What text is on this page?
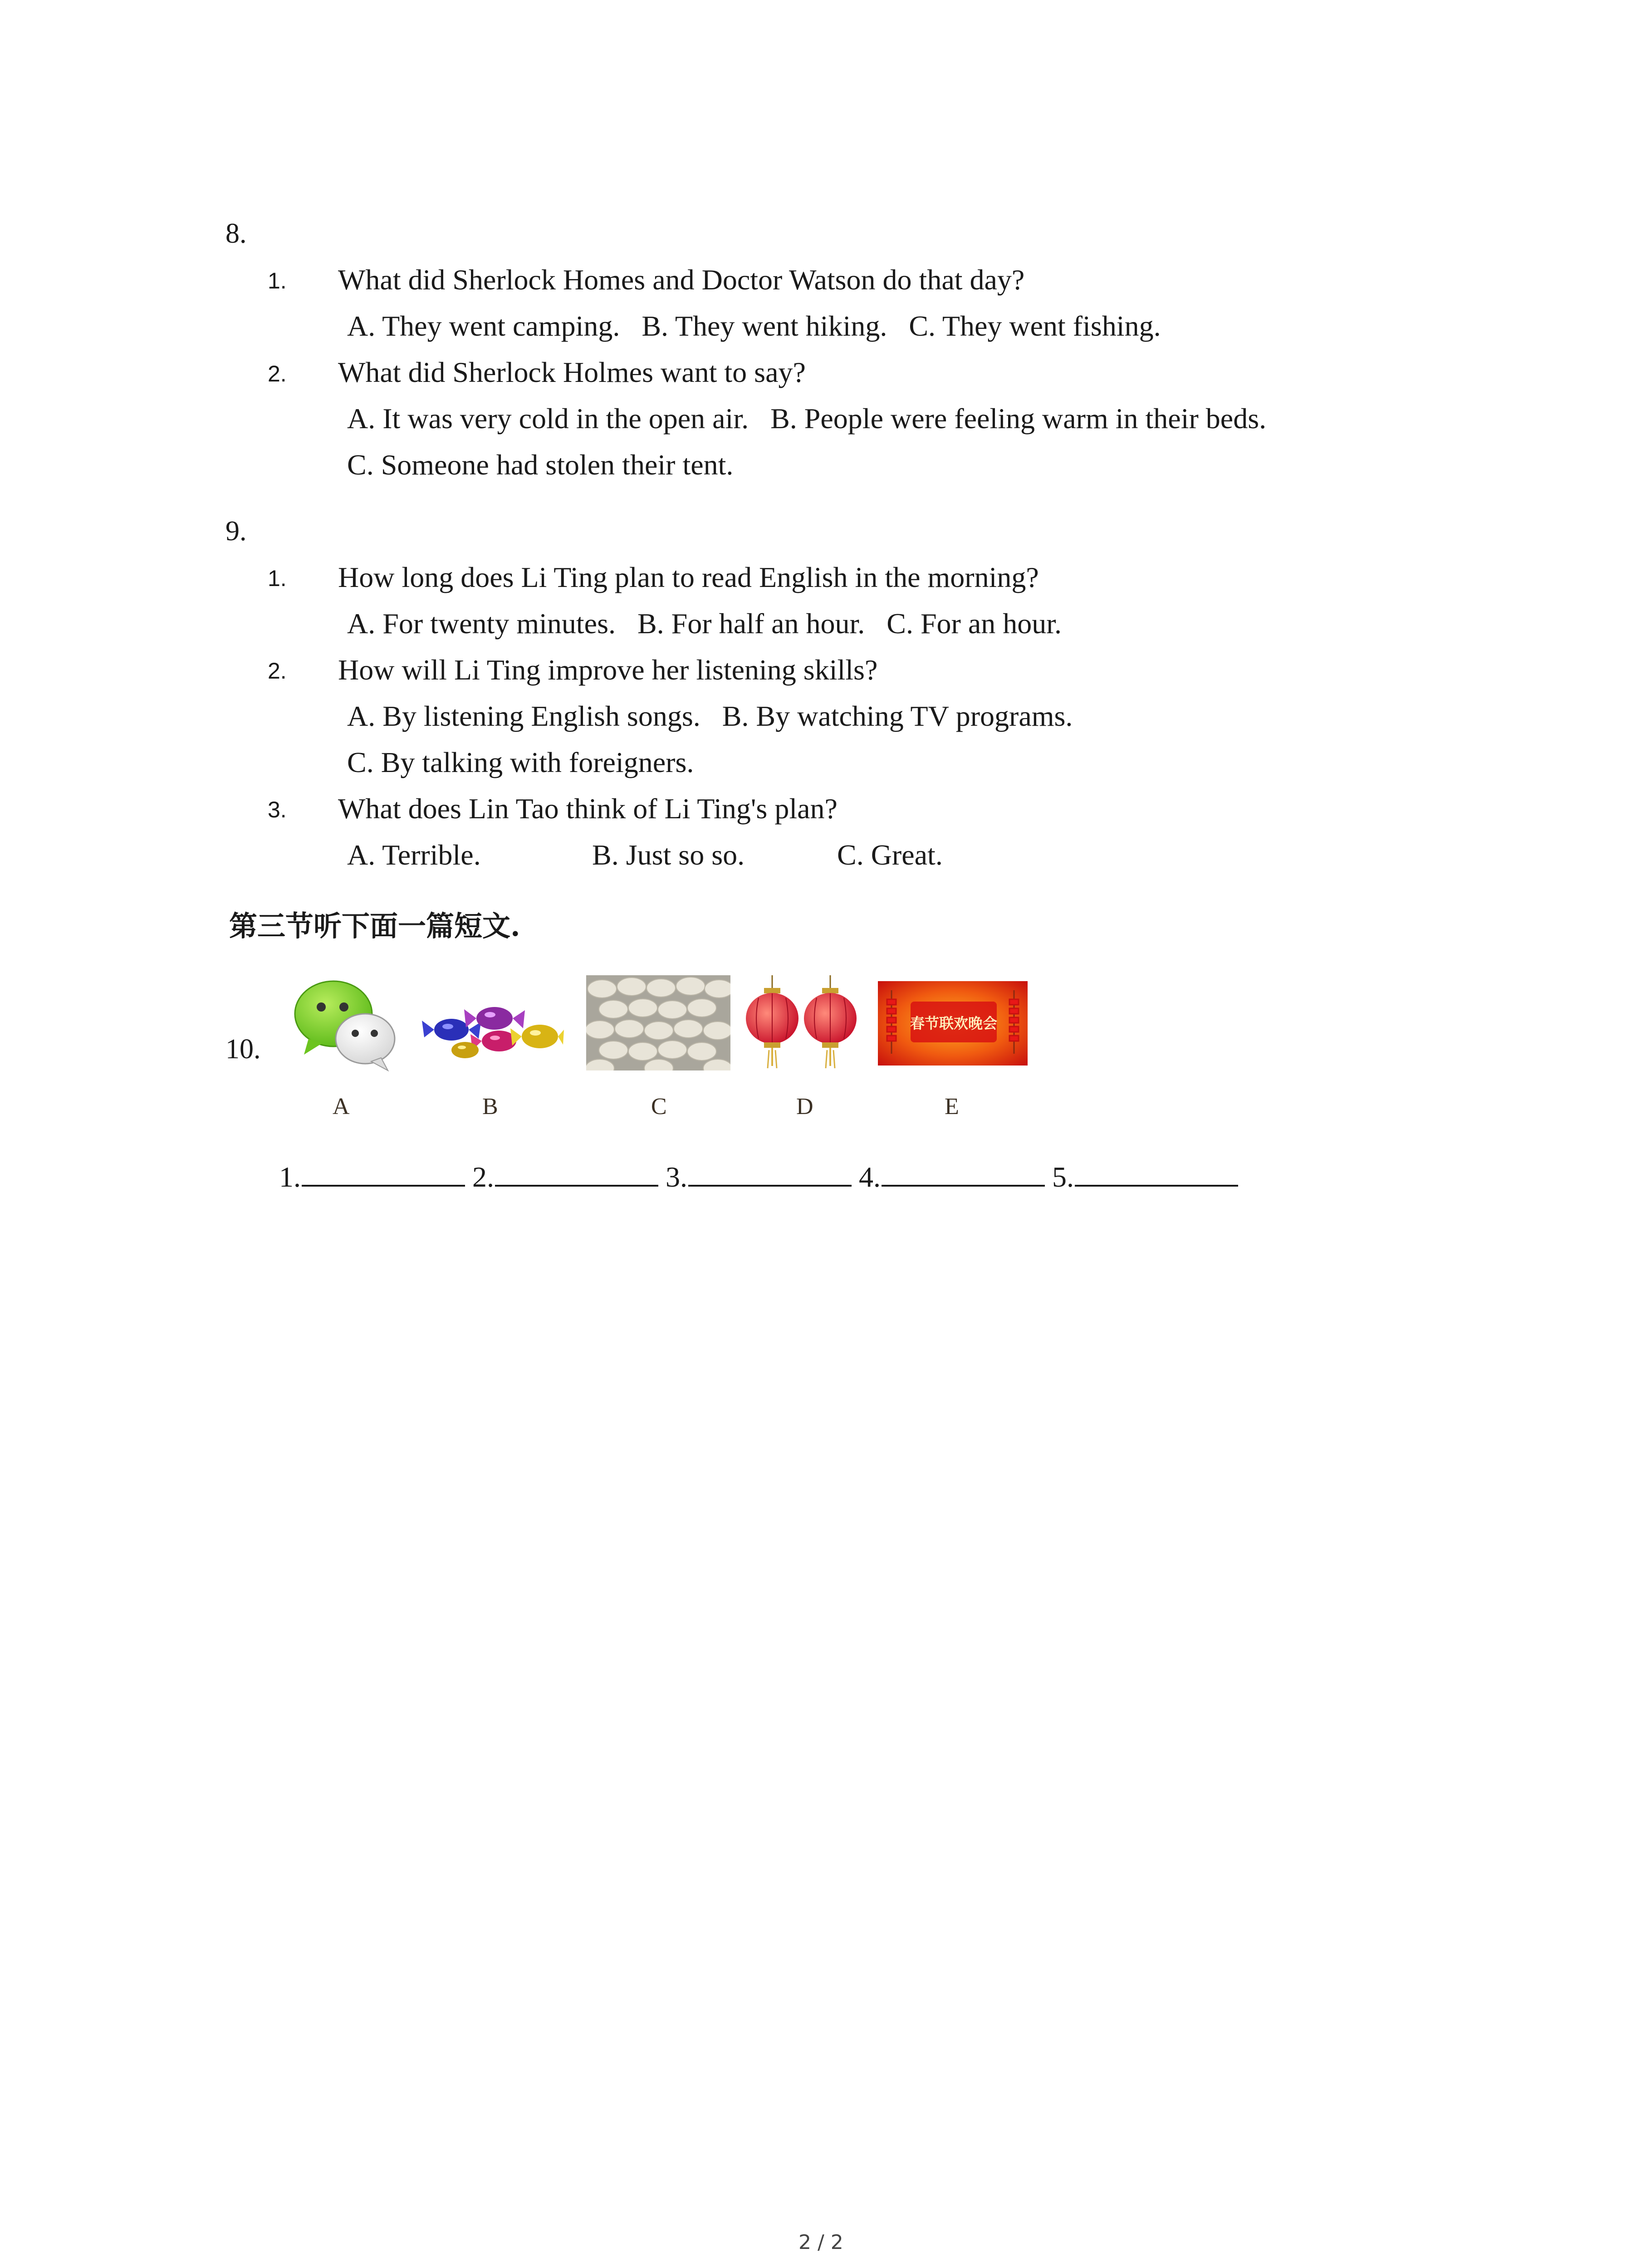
8.
1. What did Sherlock Homes and Doctor Watson do that day?
A. They went camping.   B. They went hiking.   C. They went fishing.
2. What did Sherlock Holmes want to say?
A. It was very cold in the open air.   B. People were feeling warm in their beds.
C. Someone had stolen their tent.
9.
1. How long does Li Ting plan to read English in the morning?
A. For twenty minutes.   B. For half an hour.   C. For an hour.
2. How will Li Ting improve her listening skills?
A. By listening English songs.   B. By watching TV programs.
C. By talking with foreigners.
3. What does Lin Tao think of Li Ting's plan?
A. Terrible.	B. Just so so.	C. Great.
第三节听下面一篇短文.
10.
春节联欢晚会
A	B	C	D	E
1.	2.	3.	4.	5.
2 / 2
